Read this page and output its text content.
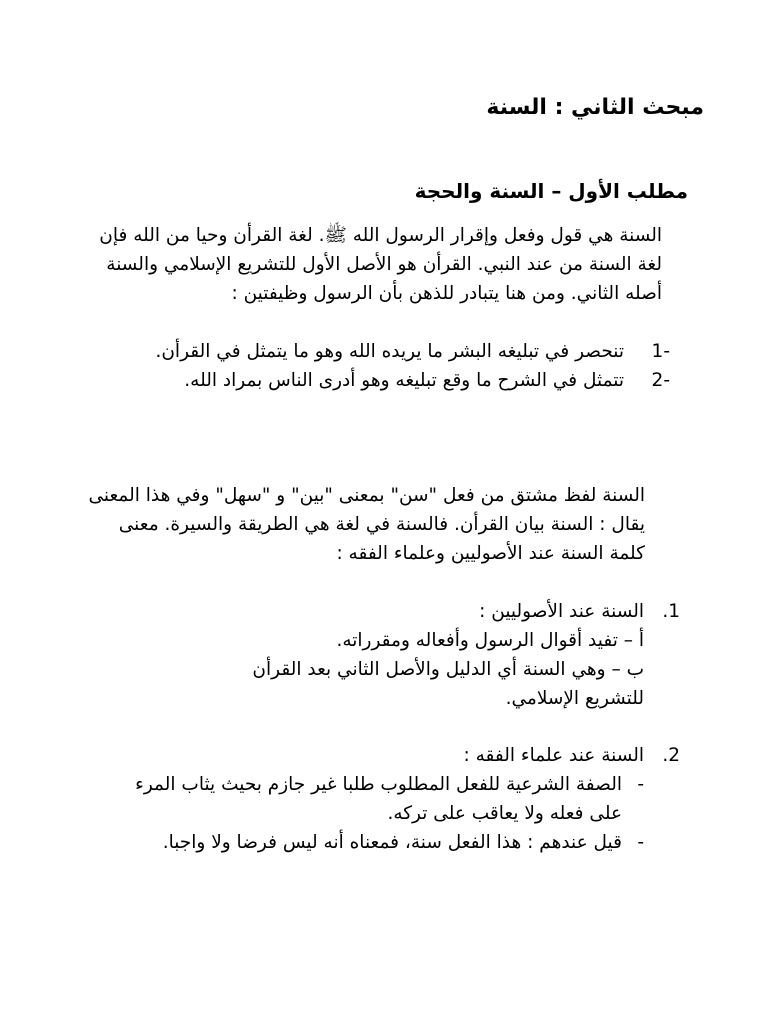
مبحث الثاني : السنة
مطلب الأول – السنة والحجة
السنة هي قول وفعل وإقرار الرسول الله ﷺ. لغة القرأن وحيا من الله فإن لغة السنة من عند النبي. القرأن هو الأصل الأول للتشريع الإسلامي والسنة أصله الثاني. ومن هنا يتبادر للذهن بأن الرسول وظيفتين :
-1
تنحصر في تبليغه البشر ما يريده الله وهو ما يتمثل في القرأن.
-2
تتمثل في الشرح ما وقع تبليغه وهو أدرى الناس بمراد الله.
السنة لفظ مشتق من فعل "سن" بمعنى "بين" و "سهل" وفي هذا المعنى يقال : السنة بيان القرأن. فالسنة في لغة هي الطريقة والسيرة. معنى كلمة السنة عند الأصوليين وعلماء الفقه :
1.
السنة عند الأصوليين :
أ – تفيد أقوال الرسول وأفعاله ومقرراته.
ب – وهي السنة أي الدليل والأصل الثاني بعد القرأن للتشريع الإسلامي.
2.
السنة عند علماء الفقه :
-
الصفة الشرعية للفعل المطلوب طلبا غير جازم بحيث يثاب المرء على فعله ولا يعاقب على تركه.
-
قيل عندهم : هذا الفعل سنة، فمعناه أنه ليس فرضا ولا واجبا.
